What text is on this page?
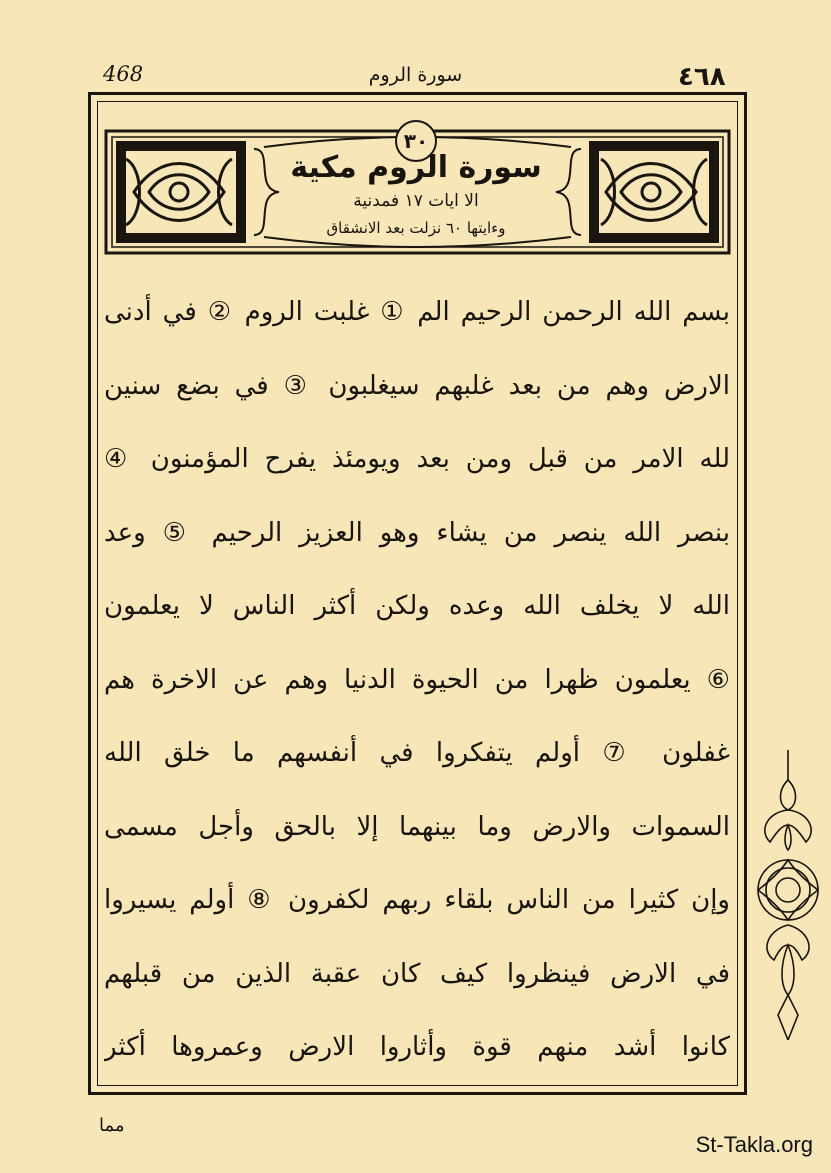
468	سورة الروم	٤٦٨
٣٠
سورة الروم مكية
الا ايات ١٧ فمدنية
وءايتها ٦٠ نزلت بعد الانشقاق
بسم الله الرحمن الرحيم الم ① غلبت الروم ② في أدنى
الارض وهم من بعد غلبهم سيغلبون ③ في بضع سنين
لله الامر من قبل ومن بعد ويومئذ يفرح المؤمنون ④
بنصر الله ينصر من يشاء وهو العزيز الرحيم ⑤ وعد
الله لا يخلف الله وعده ولكن أكثر الناس لا يعلمون
⑥ يعلمون ظهرا من الحيوة الدنيا وهم عن الاخرة هم
غفلون ⑦ أولم يتفكروا في أنفسهم ما خلق الله
السموات والارض وما بينهما إلا بالحق وأجل مسمى
وإن كثيرا من الناس بلقاء ربهم لكفرون ⑧ أولم يسيروا
في الارض فينظروا كيف كان عقبة الذين من قبلهم
كانوا أشد منهم قوة وأثاروا الارض وعمروها أكثر
مما
St-Takla.org
